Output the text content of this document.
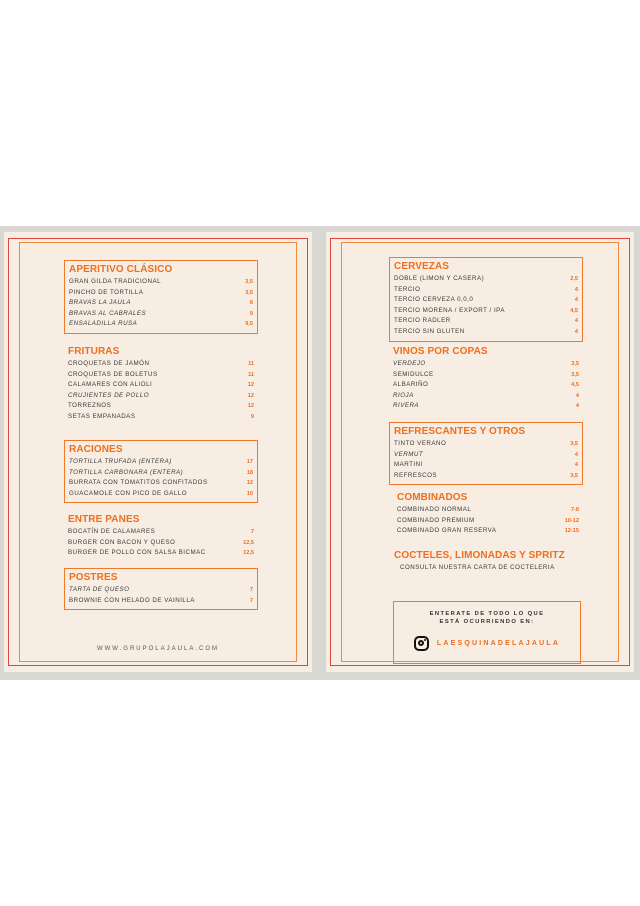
APERITIVO CLÁSICO
GRAN GILDA TRADICIONAL	3,5
PINCHO DE TORTILLA	3,5
BRAVAS LA JAULA	8
BRAVAS AL CABRALES	9
ENSALADILLA RUSA	9,5
FRITURAS
CROQUETAS DE JAMÓN	11
CROQUETAS DE BOLETUS	11
CALAMARES CON ALIOLI	12
CRUJIENTES DE POLLO	12
TORREZNOS	12
SETAS EMPANADAS	9
RACIONES
TORTILLA TRUFADA (ENTERA)	17
TORTILLA CARBONARA (ENTERA)	18
BURRATA CON TOMATITOS CONFITADOS	12
GUACAMOLE CON PICO DE GALLO	10
ENTRE PANES
BOCATÍN DE CALAMARES	7
BURGER CON BACON Y QUESO	12,5
BURGER DE POLLO CON SALSA BICMAC	12,5
POSTRES
TARTA DE QUESO	7
BROWNIE CON HELADO DE VAINILLA	7
WWW.GRUPOLAJAULA.COM
CERVEZAS
DOBLE (LIMON Y CASERA)	2,5
TERCIO	4
TERCIO CERVEZA 0,0,0	4
TERCIO MORENA / EXPORT / IPA	4,5
TERCIO RADLER	4
TERCIO SIN GLUTEN	4
VINOS POR COPAS
VERDEJO	3,5
SEMIDULCE	3,5
ALBARIÑO	4,5
RIOJA	4
RIVERA	4
REFRESCANTES Y OTROS
TINTO VERANO	3,5
VERMUT	4
MARTINI	4
REFRESCOS	3,5
COMBINADOS
COMBINADO NORMAL	7-8
COMBINADO PREMIUM	10-12
COMBINADO GRAN RESERVA	12-15
COCTELES, LIMONADAS Y SPRITZ
CONSULTA NUESTRA CARTA DE COCTELERIA
ENTERATE DE TODO LO QUE
ESTÁ OCURRIENDO EN:
LAESQUINADELAJAULA
